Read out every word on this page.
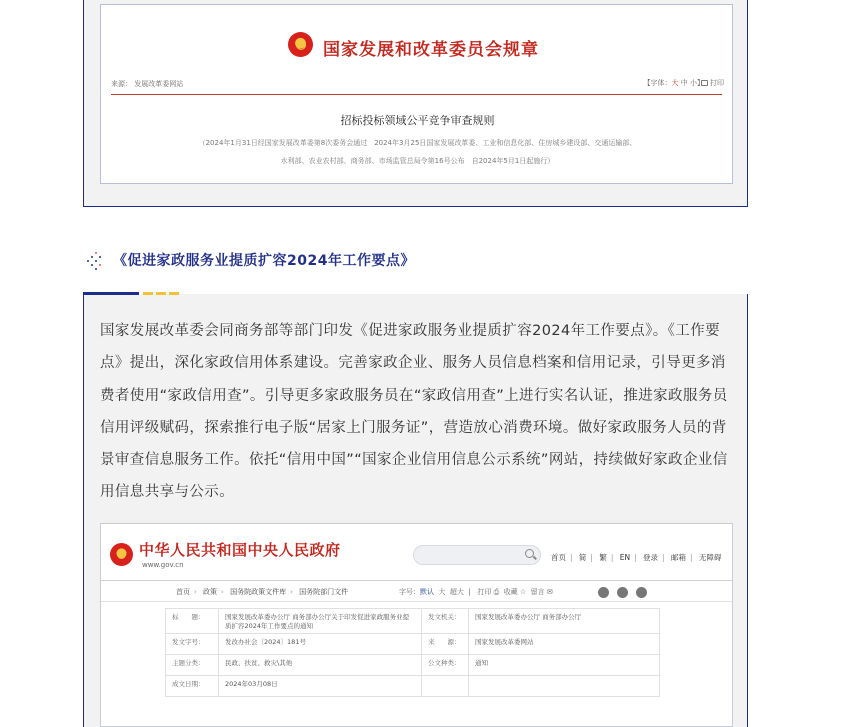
国家发展和改革委员会规章
来源： 发展改革委网站	【字体：大 中 小】 打印
招标投标领域公平竞争审查规则
（2024年1月31日经国家发展改革委第8次委务会通过　2024年3月25日国家发展改革委、工业和信息化部、住房城乡建设部、交通运输部、
水利部、农业农村部、商务部、市场监管总局令第16号公布　自2024年5月1日起施行）
《促进家政服务业提质扩容2024年工作要点》

国家发展改革委会同商务部等部门印发《促进家政服务业提质扩容2024年工作要点》。《工作要点》提出，深化家政信用体系建设。完善家政企业、服务人员信息档案和信用记录，引导更多消费者使用“家政信用查”。引导更多家政服务员在“家政信用查”上进行实名认证，推进家政服务员信用评级赋码，探索推行电子版“居家上门服务证”，营造放心消费环境。做好家政服务人员的背景审查信息服务工作。依托“信用中国”“国家企业信用信息公示系统”网站，持续做好家政企业信用信息共享与公示。

中华人民共和国中央人民政府
www.gov.cn
首页 | 简 | 繁 | EN | 登录 | 邮箱 | 无障碍
首页 › 政策 › 国务院政策文件库 › 国务院部门文件	字号：默认 大 超大  |   打印 ⎙ 收藏 ☆ 留言 ✉
标　　题：	国家发展改革委办公厅 商务部办公厅关于印发促进家政服务业提质扩容2024年工作要点的通知	发文机关：	国家发展改革委办公厅 商务部办公厅
发文字号：	发改办社会〔2024〕181号	来　　源：	国家发展改革委网站
主题分类：	民政、扶贫、救灾\其他	公文种类：	通知
成文日期：	2024年03月08日		
